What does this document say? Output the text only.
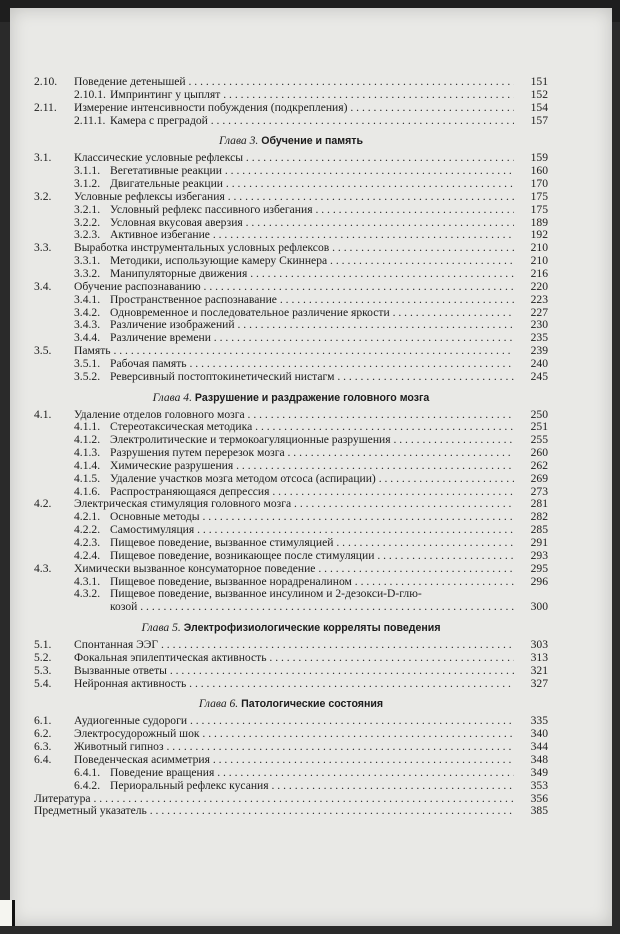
2.10. Поведение детенышей . . .	151
2.10.1. Импринтинг у цыплят . . .	152
2.11. Измерение интенсивности побуждения (подкрепления) . . .	154
2.11.1. Камера с преградой . . .	157
Глава 3. Обучение и память
3.1. Классические условные рефлексы . . .	159
3.1.1. Вегетативные реакции . . .	160
3.1.2. Двигательные реакции . . .	170
3.2. Условные рефлексы избегания . . .	175
3.2.1. Условный рефлекс пассивного избегания . . .	175
3.2.2. Условная вкусовая аверзия . . .	189
3.2.3. Активное избегание . . .	192
3.3. Выработка инструментальных условных рефлексов . . .	210
3.3.1. Методики, использующие камеру Скиннера . . .	210
3.3.2. Манипуляторные движения . . .	216
3.4. Обучение распознаванию . . .	220
3.4.1. Пространственное распознавание . . .	223
3.4.2. Одновременное и последовательное различение яркости . . .	227
3.4.3. Различение изображений . . .	230
3.4.4. Различение времени . . .	235
3.5. Память . . .	239
3.5.1. Рабочая память . . .	240
3.5.2. Реверсивный постоптокинетический нистагм . . .	245
Глава 4. Разрушение и раздражение головного мозга
4.1. Удаление отделов головного мозга . . .	250
4.1.1. Стереотаксическая методика . . .	251
4.1.2. Электролитические и термокоагуляционные разрушения . . .	255
4.1.3. Разрушения путем перерезок мозга . . .	260
4.1.4. Химические разрушения . . .	262
4.1.5. Удаление участков мозга методом отсоса (аспирации) . . .	269
4.1.6. Распространяющаяся депрессия . . .	273
4.2. Электрическая стимуляция головного мозга . . .	281
4.2.1. Основные методы . . .	282
4.2.2. Самостимуляция . . .	285
4.2.3. Пищевое поведение, вызванное стимуляцией . . .	291
4.2.4. Пищевое поведение, возникающее после стимуляции . . .	293
4.3. Химически вызванное консуматорное поведение . . .	295
4.3.1. Пищевое поведение, вызванное норадреналином . . .	296
4.3.2. Пищевое поведение, вызванное инсулином и 2-дезокси-D-глю-
козой . . .	300
Глава 5. Электрофизиологические корреляты поведения
5.1. Спонтанная ЭЭГ . . .	303
5.2. Фокальная эпилептическая активность . . .	313
5.3. Вызванные ответы . . .	321
5.4. Нейронная активность . . .	327
Глава 6. Патологические состояния
6.1. Аудиогенные судороги . . .	335
6.2. Электросудорожный шок . . .	340
6.3. Животный гипноз . . .	344
6.4. Поведенческая асимметрия . . .	348
6.4.1. Поведение вращения . . .	349
6.4.2. Периоральный рефлекс кусания . . .	353
Литература . . .	356
Предметный указатель . . .	385
